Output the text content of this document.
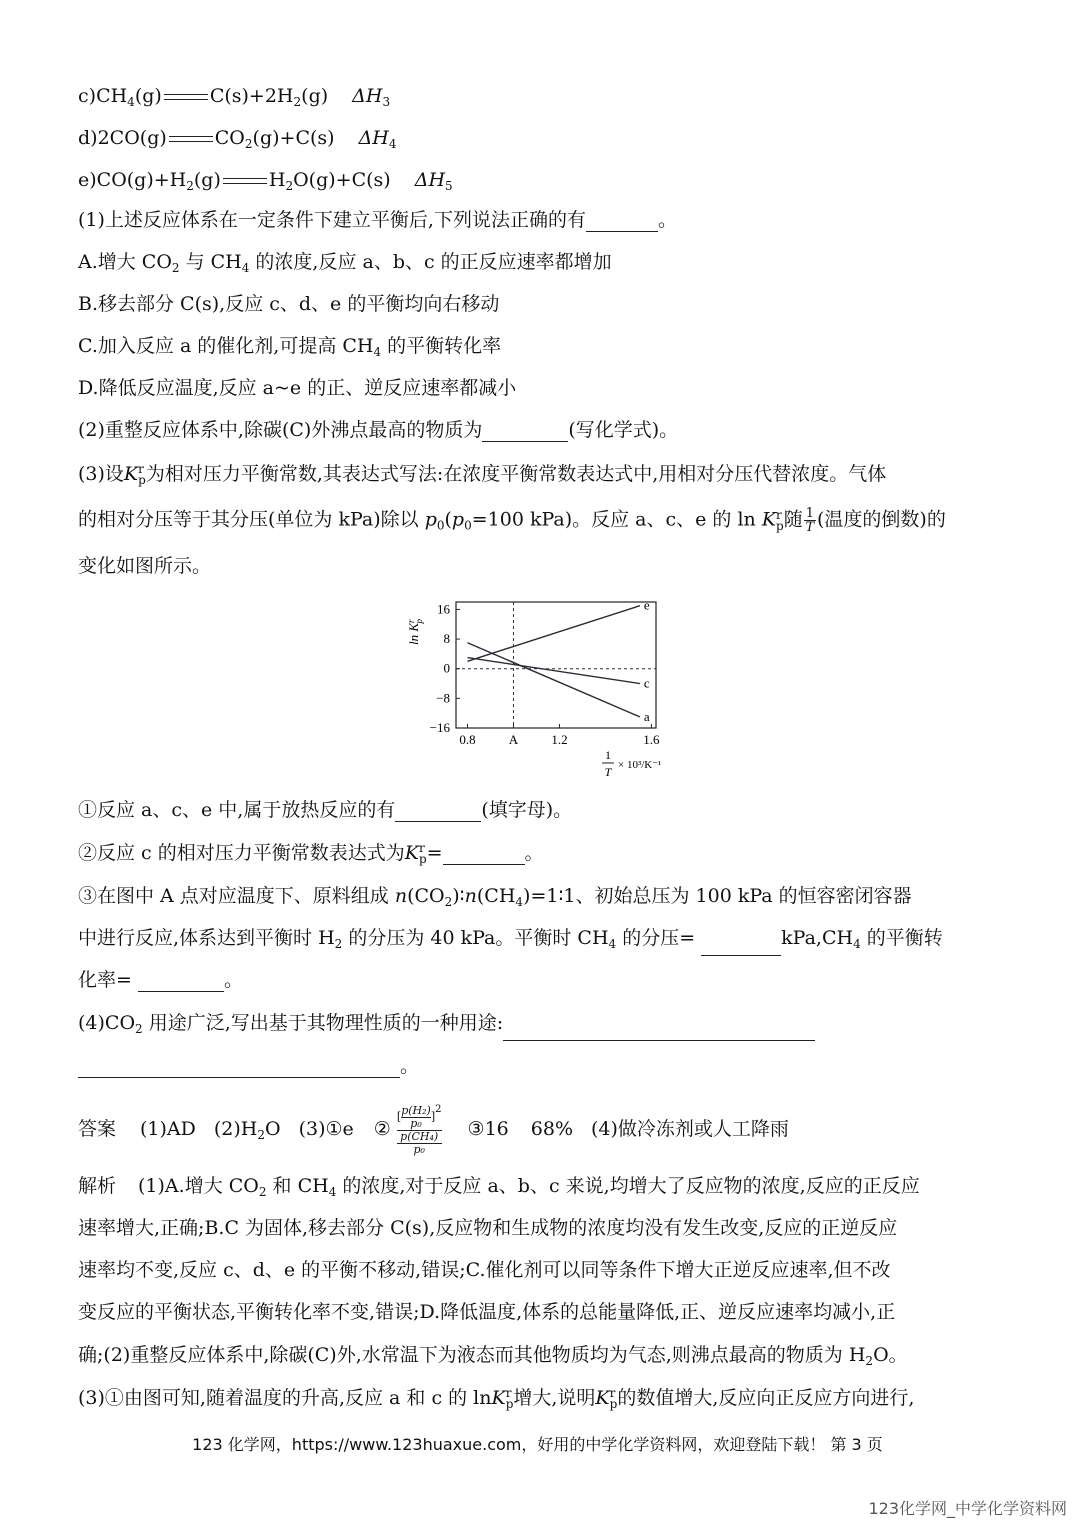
$c)CH_4(g)$	$C(s)+2H_2(g)$ $\Delta H_3$
d)2CO(g)	$CO_2(g)+C(s)$ $\Delta H_4$
$e)CO(g)+H_2(g)$	$H_2O(g)+C(s)$ $\Delta H_5$
(1)上述反应体系在一定条件下建立平衡后,下列说法正确的有	。
A.增大 $CO_2$ 与 $CH_4$ 的浓度,反应 a、b、c 的正反应速率都增加
B.移去部分 C(s),反应 c、d、e 的平衡均向右移动
C.加入反应 a 的催化剂,可提高 $CH_4$ 的平衡转化率
D.降低反应温度,反应 a~e 的正、逆反应速率都减小
(2)重整反应体系中,除碳(C)外沸点最高的物质为	(写化学式)。
(3)设K r
p 为相对压力平衡常数,其表达式写法:在浓度平衡常数表达式中,用相对分压代替浓度。气体
的相对分压等于其分压(单位为 kPa)除以 $p_0(p_0=100$ kPa)。反应 a、c、e 的 ln K r
p 随 $\frac{1}{T}$ (温度的倒数)的
变化如图所示。
16
8
0
−8
−16
0.8	A	1.2	1.6
$\ln K^rp$
1
T × 10³/K⁻¹
e
c
a
①反应 a、c、e 中,属于放热反应的有	(填字母)。
②反应 c 的相对压力平衡常数表达式为K r
p =	。
③在图中 A 点对应温度下、原料组成 $n(CO_2)∶n(CH_4)=1∶1$、初始总压为 100 kPa 的恒容密闭容器
中进行反应,体系达到平衡时 $H_2$ 的分压为 40 kPa。平衡时 $CH_4$ 的分压=	$kPa,CH_4$ 的平衡转
化率=	。
$(4)CO_2$ 用途广泛,写出基于其物理性质的一种用途:
。
答案 (1)AD $(2)H_2O$ (3)①e ② [ $\frac{\text{p(H₂)}}{\text{p₀}} ]2$
p(CH₄)
p₀ ③16 68% (4)做冷冻剂或人工降雨
解析 (1)A.增大 $CO_2$ 和 $CH_4$ 的浓度,对于反应 a、b、c 来说,均增大了反应物的浓度,反应的正反应
速率增大,正确;B.C 为固体,移去部分 C(s),反应物和生成物的浓度均没有发生改变,反应的正逆反应
速率均不变,反应 c、d、e 的平衡不移动,错误;C.催化剂可以同等条件下增大正逆反应速率,但不改
变反应的平衡状态,平衡转化率不变,错误;D.降低温度,体系的总能量降低,正、逆反应速率均减小,正
确;(2)重整反应体系中,除碳(C)外,水常温下为液态而其他物质均为气态,则沸点最高的物质为 $H_2O$。
(3)①由图可知,随着温度的升高,反应 a 和 c 的 lnK r
p 增大,说明K r
p 的数值增大,反应向正反应方向进行,
123 化学网，https://www.123huaxue.com，好用的中学化学资料网，欢迎登陆下载！ 第 3 页
123化学网_中学化学资料网
